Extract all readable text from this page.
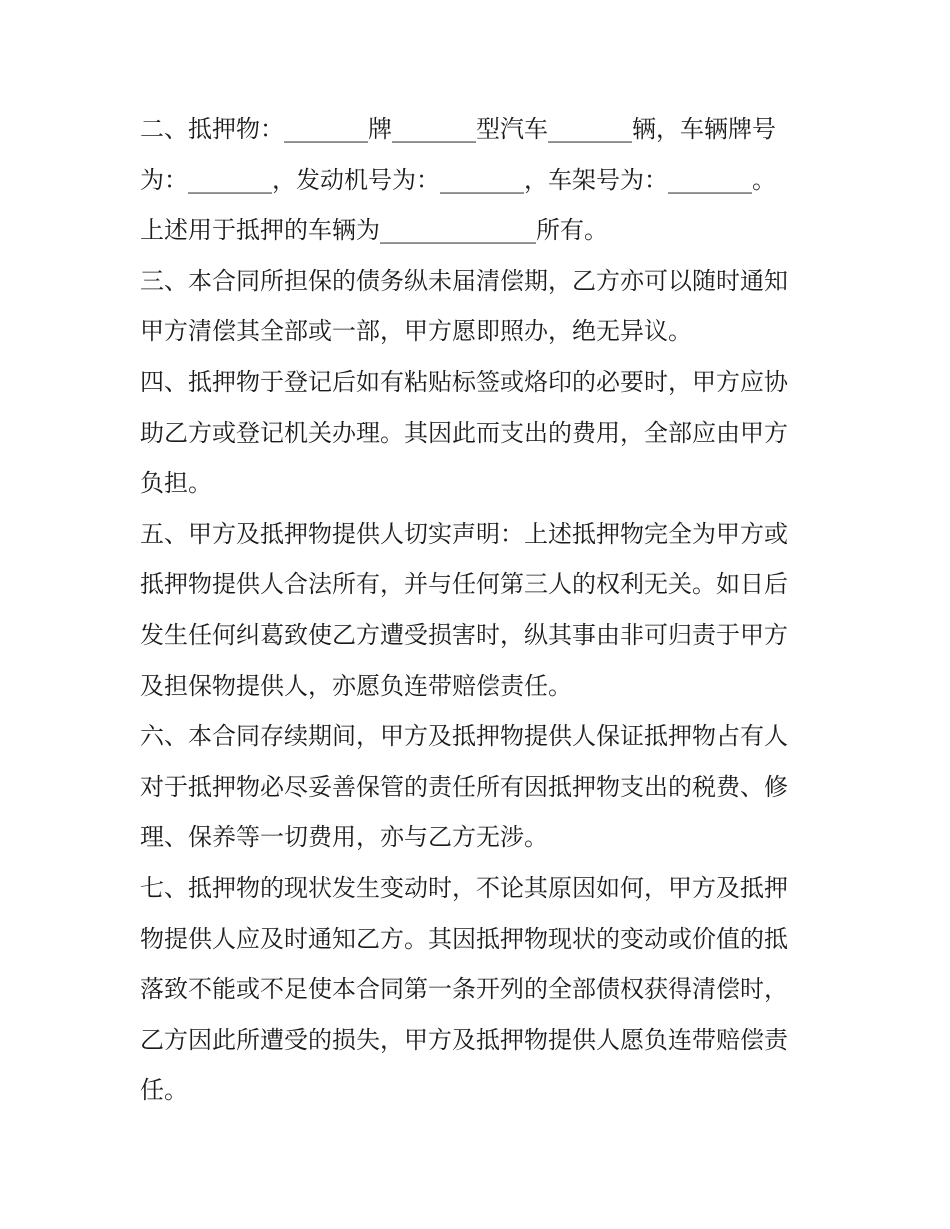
二、抵押物：_______牌_______型汽车_______辆，车辆牌号
为：_______，发动机号为：_______，车架号为：_______。
上述用于抵押的车辆为_____________所有。
三、本合同所担保的债务纵未届清偿期，乙方亦可以随时通知
甲方清偿其全部或一部，甲方愿即照办，绝无异议。
四、抵押物于登记后如有粘贴标签或烙印的必要时，甲方应协
助乙方或登记机关办理。其因此而支出的费用，全部应由甲方
负担。
五、甲方及抵押物提供人切实声明：上述抵押物完全为甲方或
抵押物提供人合法所有，并与任何第三人的权利无关。如日后
发生任何纠葛致使乙方遭受损害时，纵其事由非可归责于甲方
及担保物提供人，亦愿负连带赔偿责任。
六、本合同存续期间，甲方及抵押物提供人保证抵押物占有人
对于抵押物必尽妥善保管的责任所有因抵押物支出的税费、修
理、保养等一切费用，亦与乙方无涉。
七、抵押物的现状发生变动时，不论其原因如何，甲方及抵押
物提供人应及时通知乙方。其因抵押物现状的变动或价值的抵
落致不能或不足使本合同第一条开列的全部债权获得清偿时，
乙方因此所遭受的损失，甲方及抵押物提供人愿负连带赔偿责
任。
